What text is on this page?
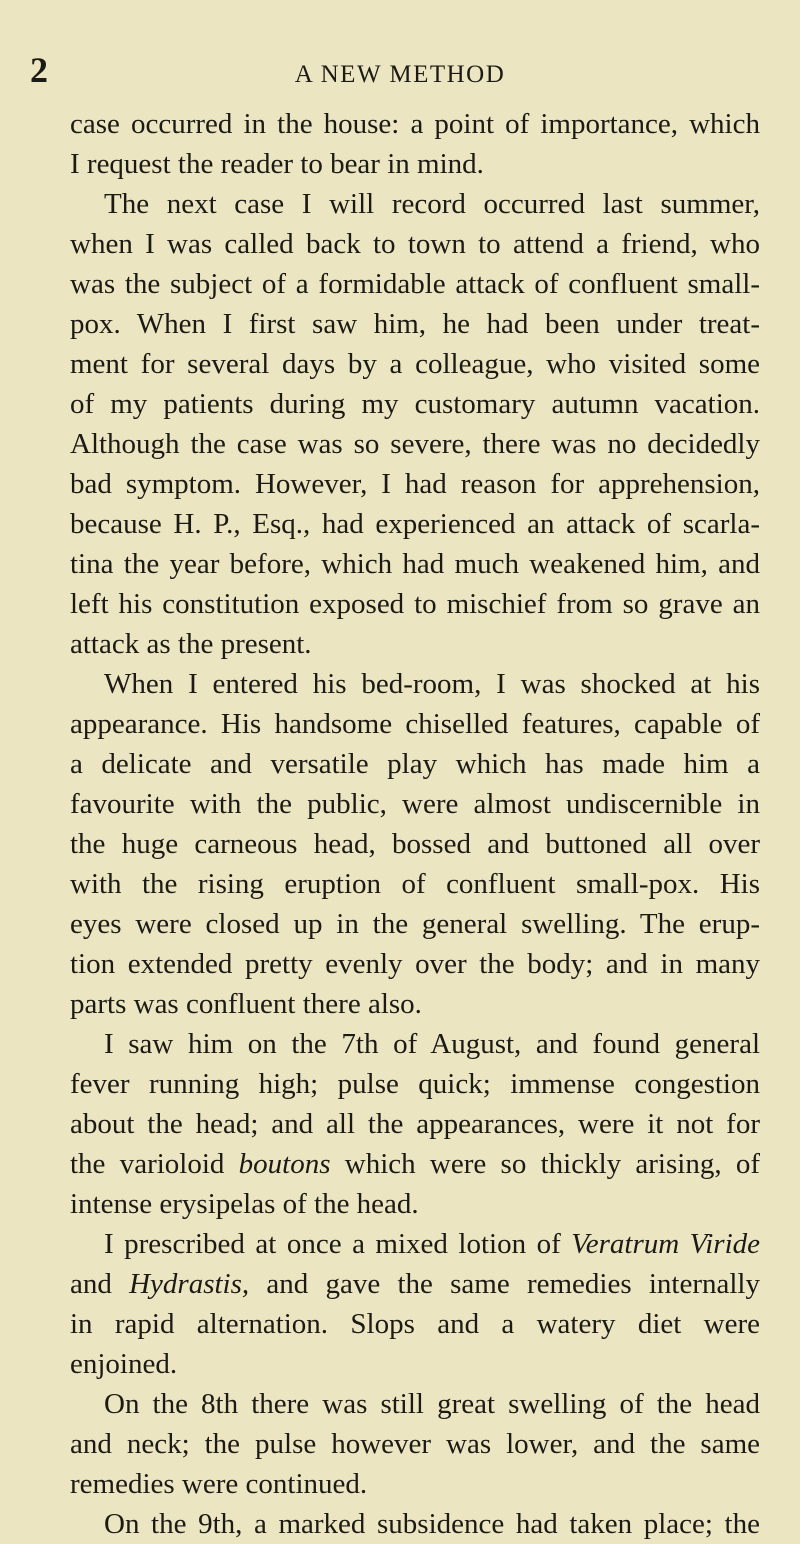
2	A NEW METHOD
case occurred in the house: a point of importance, which
I request the reader to bear in mind.
The next case I will record occurred last summer,
when I was called back to town to attend a friend, who
was the subject of a formidable attack of confluent small-
pox. When I first saw him, he had been under treat-
ment for several days by a colleague, who visited some
of my patients during my customary autumn vacation.
Although the case was so severe, there was no decidedly
bad symptom. However, I had reason for apprehension,
because H. P., Esq., had experienced an attack of scarla-
tina the year before, which had much weakened him, and
left his constitution exposed to mischief from so grave an
attack as the present.
When I entered his bed-room, I was shocked at his
appearance. His handsome chiselled features, capable of
a delicate and versatile play which has made him a
favourite with the public, were almost undiscernible in
the huge carneous head, bossed and buttoned all over
with the rising eruption of confluent small-pox. His
eyes were closed up in the general swelling. The erup-
tion extended pretty evenly over the body; and in many
parts was confluent there also.
I saw him on the 7th of August, and found general
fever running high; pulse quick; immense congestion
about the head; and all the appearances, were it not for
the varioloid boutons which were so thickly arising, of
intense erysipelas of the head.
I prescribed at once a mixed lotion of Veratrum Viride
and Hydrastis, and gave the same remedies internally
in rapid alternation. Slops and a watery diet were
enjoined.
On the 8th there was still great swelling of the head
and neck; the pulse however was lower, and the same
remedies were continued.
On the 9th, a marked subsidence had taken place; the
